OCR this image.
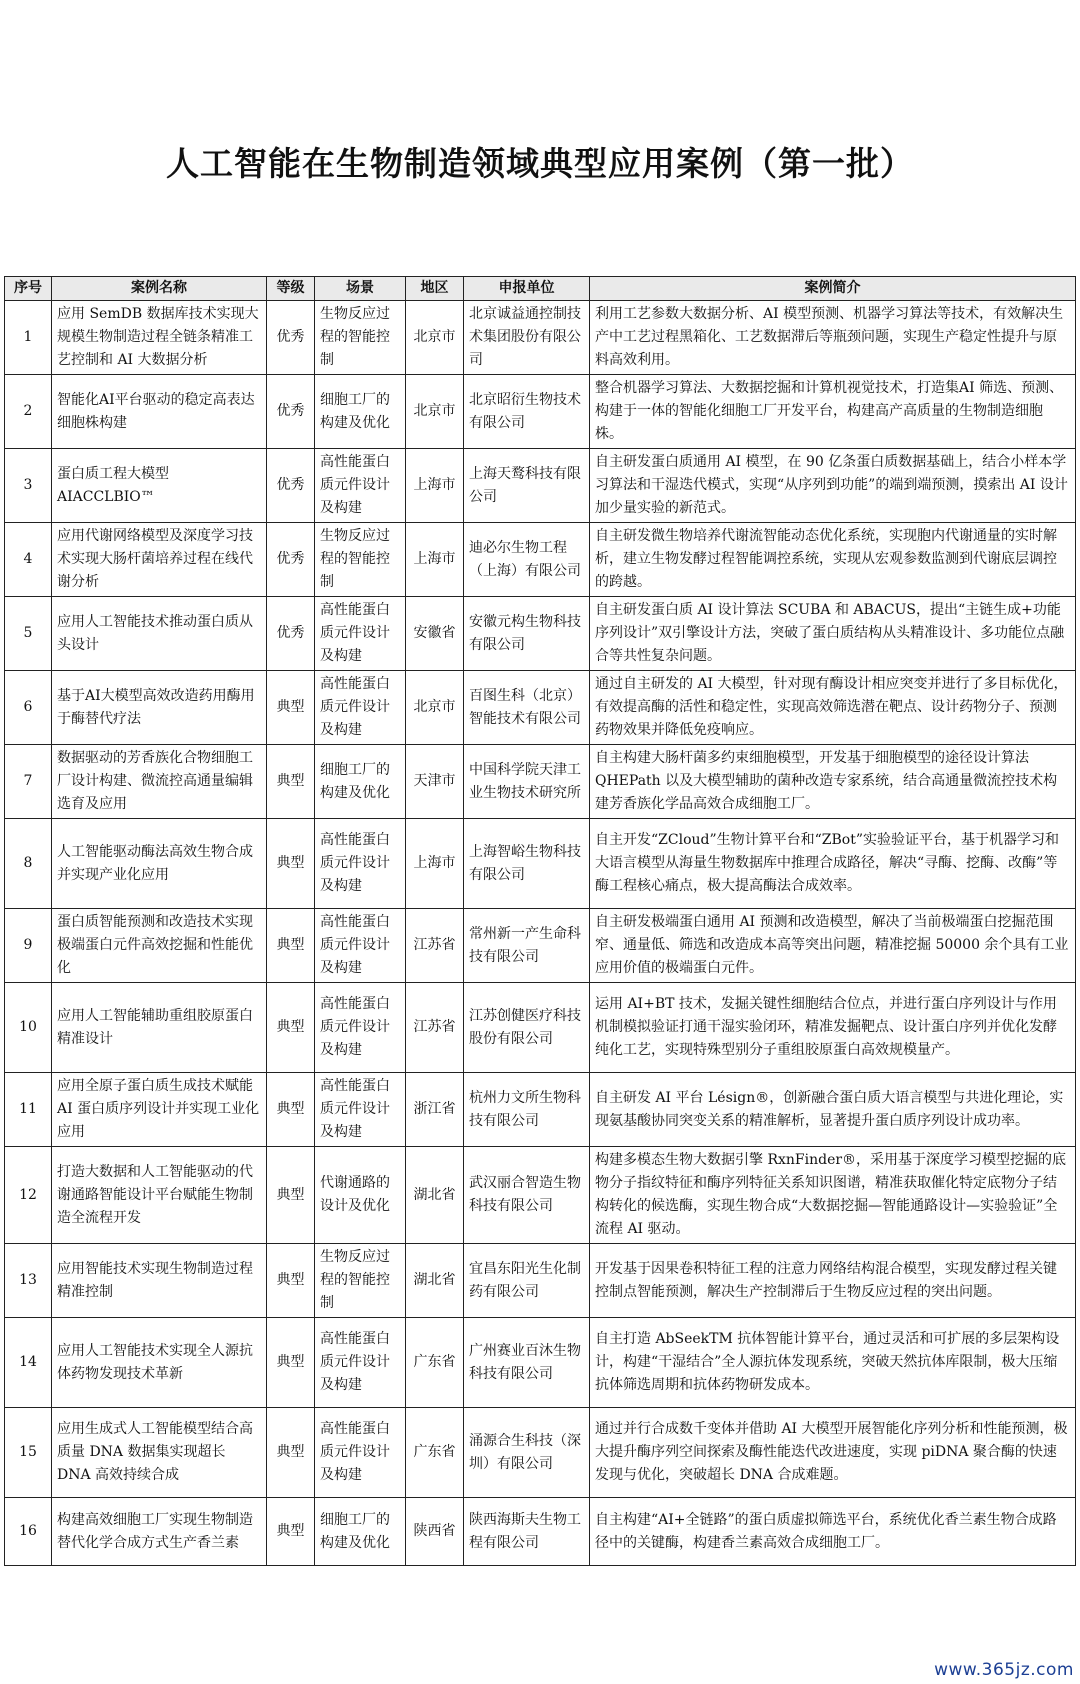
人工智能在生物制造领域典型应用案例（第一批）
序号	案例名称	等级	场景	地区	申报单位	案例简介
1	应用 SemDB 数据库技术实现大规模生物制造过程全链条精准工艺控制和 AI 大数据分析	优秀	生物反应过程的智能控制	北京市	北京诚益通控制技术集团股份有限公司	利用工艺参数大数据分析、AI 模型预测、机器学习算法等技术，有效解决生产中工艺过程黑箱化、工艺数据滞后等瓶颈问题，实现生产稳定性提升与原料高效利用。
2	智能化AI平台驱动的稳定高表达细胞株构建	优秀	细胞工厂的构建及优化	北京市	北京昭衍生物技术有限公司	整合机器学习算法、大数据挖掘和计算机视觉技术，打造集AI 筛选、预测、构建于一体的智能化细胞工厂开发平台，构建高产高质量的生物制造细胞株。
3	蛋白质工程大模型AIACCLBIO™	优秀	高性能蛋白质元件设计及构建	上海市	上海天鹜科技有限公司	自主研发蛋白质通用 AI 模型，在 90 亿条蛋白质数据基础上，结合小样本学习算法和干湿迭代模式，实现“从序列到功能”的端到端预测，摸索出 AI 设计加少量实验的新范式。
4	应用代谢网络模型及深度学习技术实现大肠杆菌培养过程在线代谢分析	优秀	生物反应过程的智能控制	上海市	迪必尔生物工程（上海）有限公司	自主研发微生物培养代谢流智能动态优化系统，实现胞内代谢通量的实时解析，建立生物发酵过程智能调控系统，实现从宏观参数监测到代谢底层调控的跨越。
5	应用人工智能技术推动蛋白质从头设计	优秀	高性能蛋白质元件设计及构建	安徽省	安徽元构生物科技有限公司	自主研发蛋白质 AI 设计算法 SCUBA 和 ABACUS，提出“主链生成+功能序列设计”双引擎设计方法，突破了蛋白质结构从头精准设计、多功能位点融合等共性复杂问题。
6	基于AI大模型高效改造药用酶用于酶替代疗法	典型	高性能蛋白质元件设计及构建	北京市	百图生科（北京）智能技术有限公司	通过自主研发的 AI 大模型，针对现有酶设计相应突变并进行了多目标优化，有效提高酶的活性和稳定性，实现高效筛选潜在靶点、设计药物分子、预测药物效果并降低免疫响应。
7	数据驱动的芳香族化合物细胞工厂设计构建、微流控高通量编辑选育及应用	典型	细胞工厂的构建及优化	天津市	中国科学院天津工业生物技术研究所	自主构建大肠杆菌多约束细胞模型，开发基于细胞模型的途径设计算法 QHEPath 以及大模型辅助的菌种改造专家系统，结合高通量微流控技术构建芳香族化学品高效合成细胞工厂。
8	人工智能驱动酶法高效生物合成并实现产业化应用	典型	高性能蛋白质元件设计及构建	上海市	上海智峪生物科技有限公司	自主开发“ZCloud”生物计算平台和“ZBot”实验验证平台，基于机器学习和大语言模型从海量生物数据库中推理合成路径，解决“寻酶、挖酶、改酶”等酶工程核心痛点，极大提高酶法合成效率。
9	蛋白质智能预测和改造技术实现极端蛋白元件高效挖掘和性能优化	典型	高性能蛋白质元件设计及构建	江苏省	常州新一产生命科技有限公司	自主研发极端蛋白通用 AI 预测和改造模型，解决了当前极端蛋白挖掘范围窄、通量低、筛选和改造成本高等突出问题，精准挖掘 50000 余个具有工业应用价值的极端蛋白元件。
10	应用人工智能辅助重组胶原蛋白精准设计	典型	高性能蛋白质元件设计及构建	江苏省	江苏创健医疗科技股份有限公司	运用 AI+BT 技术，发掘关键性细胞结合位点，并进行蛋白序列设计与作用机制模拟验证打通干湿实验闭环，精准发掘靶点、设计蛋白序列并优化发酵纯化工艺，实现特殊型别分子重组胶原蛋白高效规模量产。
11	应用全原子蛋白质生成技术赋能 AI 蛋白质序列设计并实现工业化应用	典型	高性能蛋白质元件设计及构建	浙江省	杭州力文所生物科技有限公司	自主研发 AI 平台 Lésign®，创新融合蛋白质大语言模型与共进化理论，实现氨基酸协同突变关系的精准解析，显著提升蛋白质序列设计成功率。
12	打造大数据和人工智能驱动的代谢通路智能设计平台赋能生物制造全流程开发	典型	代谢通路的设计及优化	湖北省	武汉丽合智造生物科技有限公司	构建多模态生物大数据引擎 RxnFinder®，采用基于深度学习模型挖掘的底物分子指纹特征和酶序列特征关系知识图谱，精准获取催化特定底物分子结构转化的候选酶，实现生物合成“大数据挖掘—智能通路设计—实验验证”全流程 AI 驱动。
13	应用智能技术实现生物制造过程精准控制	典型	生物反应过程的智能控制	湖北省	宜昌东阳光生化制药有限公司	开发基于因果卷积特征工程的注意力网络结构混合模型，实现发酵过程关键控制点智能预测，解决生产控制滞后于生物反应过程的突出问题。
14	应用人工智能技术实现全人源抗体药物发现技术革新	典型	高性能蛋白质元件设计及构建	广东省	广州赛业百沐生物科技有限公司	自主打造 AbSeekTM 抗体智能计算平台，通过灵活和可扩展的多层架构设计，构建“干湿结合”全人源抗体发现系统，突破天然抗体库限制，极大压缩抗体筛选周期和抗体药物研发成本。
15	应用生成式人工智能模型结合高质量 DNA 数据集实现超长 DNA 高效持续合成	典型	高性能蛋白质元件设计及构建	广东省	涌源合生科技（深圳）有限公司	通过并行合成数千变体并借助 AI 大模型开展智能化序列分析和性能预测，极大提升酶序列空间探索及酶性能迭代改进速度，实现 piDNA 聚合酶的快速发现与优化，突破超长 DNA 合成难题。
16	构建高效细胞工厂实现生物制造替代化学合成方式生产香兰素	典型	细胞工厂的构建及优化	陕西省	陕西海斯夫生物工程有限公司	自主构建“AI+全链路”的蛋白质虚拟筛选平台，系统优化香兰素生物合成路径中的关键酶，构建香兰素高效合成细胞工厂。
www.365jz.com
